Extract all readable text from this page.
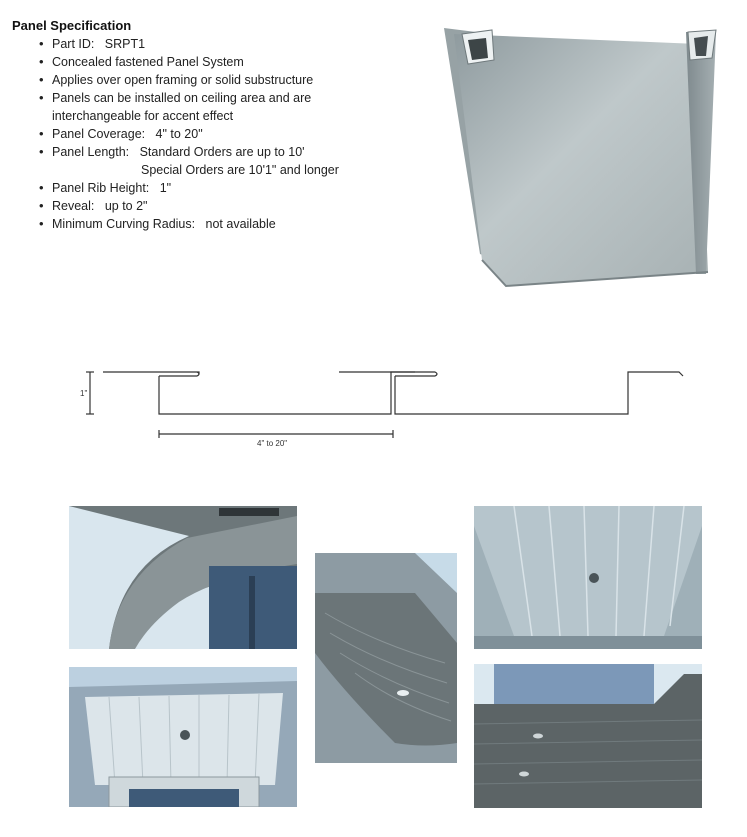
Panel Specification
• Part ID: SRPT1
• Concealed fastened Panel System
• Applies over open framing or solid substructure
• Panels can be installed on ceiling area and are
interchangeable for accent effect
• Panel Coverage: 4" to 20"
• Panel Length: Standard Orders are up to 10'
Special Orders are 10'1" and longer
• Panel Rib Height: 1"
• Reveal: up to 2"
• Minimum Curving Radius: not available
1"
4" to 20"
